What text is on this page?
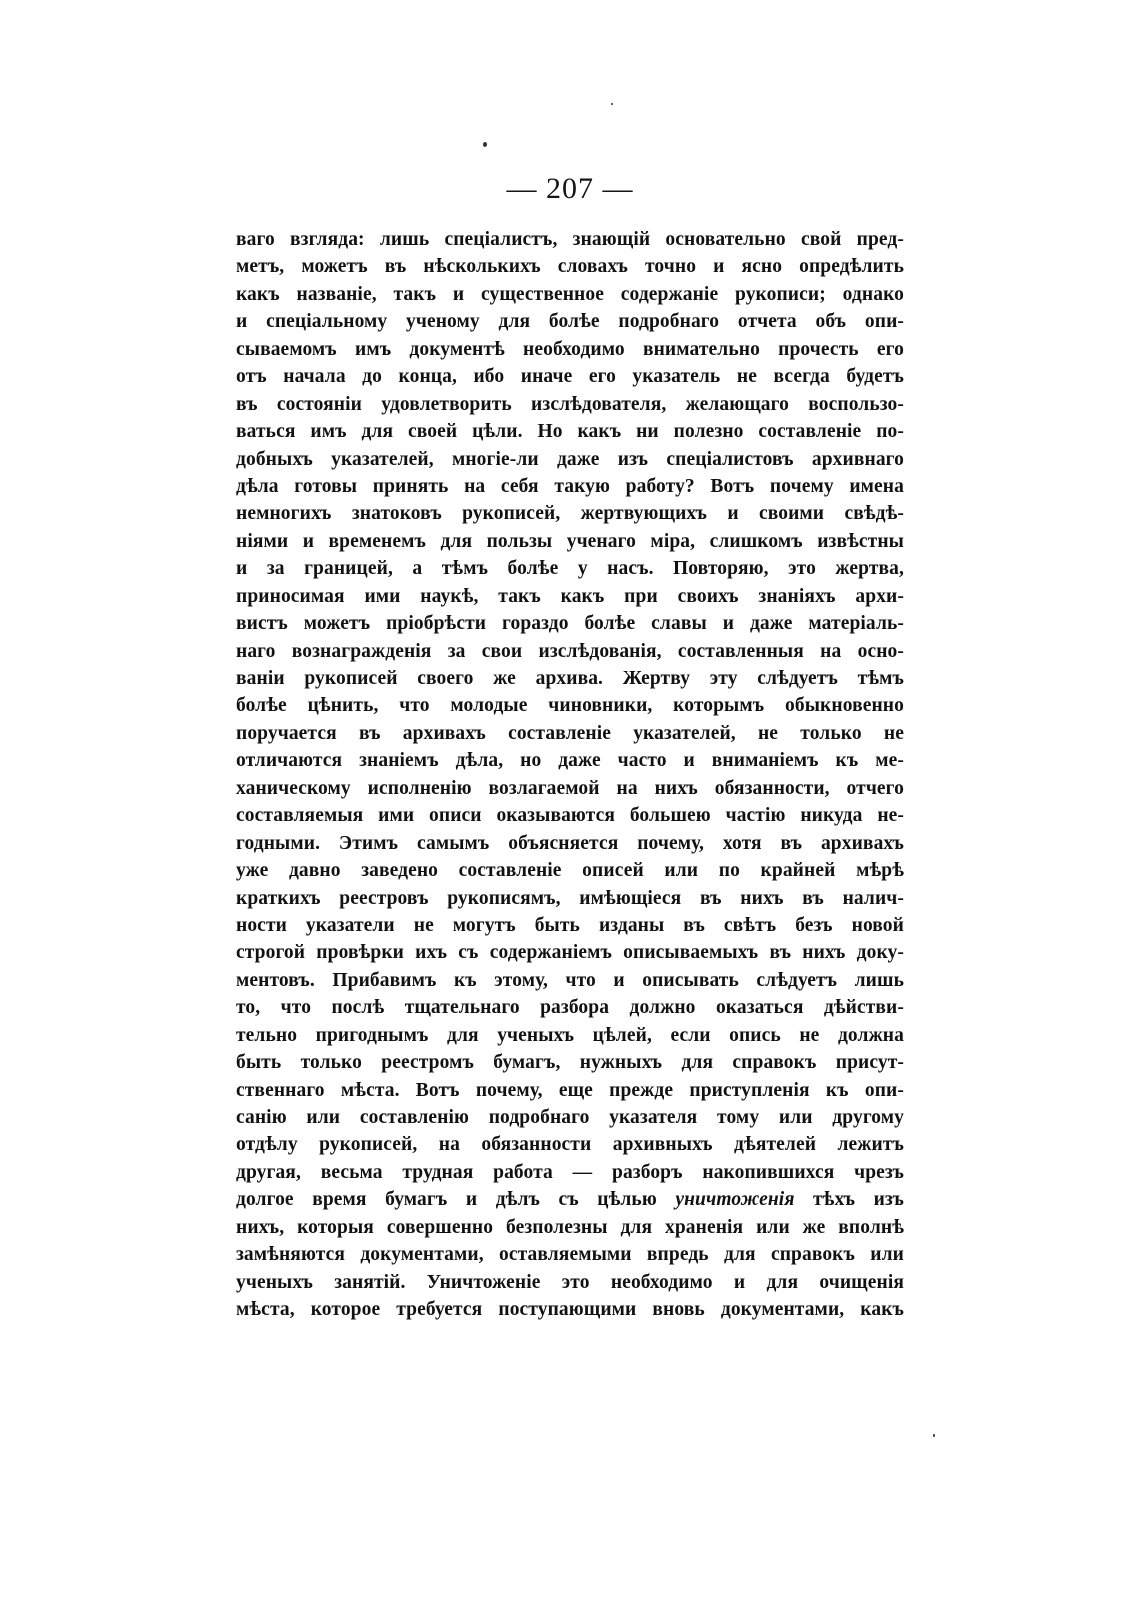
— 207 —
ваго взгляда: лишь спеціалистъ, знающій основательно свой пред-
метъ, можетъ въ нѣсколькихъ словахъ точно и ясно опредѣлить
какъ названіе, такъ и существенное содержаніе рукописи; однако
и спеціальному ученому для болѣе подробнаго отчета объ опи-
сываемомъ имъ документѣ необходимо внимательно прочесть его
отъ начала до конца, ибо иначе его указатель не всегда будетъ
въ состояніи удовлетворить изслѣдователя, желающаго воспользо-
ваться имъ для своей цѣли. Но какъ ни полезно составленіе по-
добныхъ указателей, многіе-ли даже изъ спеціалистовъ архивнаго
дѣла готовы принять на себя такую работу? Вотъ почему имена
немногихъ знатоковъ рукописей, жертвующихъ и своими свѣдѣ-
ніями и временемъ для пользы ученаго міра, слишкомъ извѣстны
и за границей, а тѣмъ болѣе у насъ. Повторяю, это жертва,
приносимая ими наукѣ, такъ какъ при своихъ знаніяхъ архи-
вистъ можетъ пріобрѣсти гораздо болѣе славы и даже матеріаль-
наго вознагражденія за свои изслѣдованія, составленныя на осно-
ваніи рукописей своего же архива. Жертву эту слѣдуетъ тѣмъ
болѣе цѣнить, что молодые чиновники, которымъ обыкновенно
поручается въ архивахъ составленіе указателей, не только не
отличаются знаніемъ дѣла, но даже часто и вниманіемъ къ ме-
ханическому исполненію возлагаемой на нихъ обязанности, отчего
составляемыя ими описи оказываются большею частію никуда не-
годными. Этимъ самымъ объясняется почему, хотя въ архивахъ
уже давно заведено составленіе описей или по крайней мѣрѣ
краткихъ реестровъ рукописямъ, имѣющіеся въ нихъ въ налич-
ности указатели не могутъ быть изданы въ свѣтъ безъ новой
строгой провѣрки ихъ съ содержаніемъ описываемыхъ въ нихъ доку-
ментовъ. Прибавимъ къ этому, что и описывать слѣдуетъ лишь
то, что послѣ тщательнаго разбора должно оказаться дѣйстви-
тельно пригоднымъ для ученыхъ цѣлей, если опись не должна
быть только реестромъ бумагъ, нужныхъ для справокъ присут-
ственнаго мѣста. Вотъ почему, еще прежде приступленія къ опи-
санію или составленію подробнаго указателя тому или другому
отдѣлу рукописей, на обязанности архивныхъ дѣятелей лежитъ
другая, весьма трудная работа — разборъ накопившихся чрезъ
долгое время бумагъ и дѣлъ съ цѣлью уничтоженія тѣхъ изъ
нихъ, которыя совершенно безполезны для храненія или же вполнѣ
замѣняются документами, оставляемыми впредь для справокъ или
ученыхъ занятій. Уничтоженіе это необходимо и для очищенія
мѣста, которое требуется поступающими вновь документами, какъ
